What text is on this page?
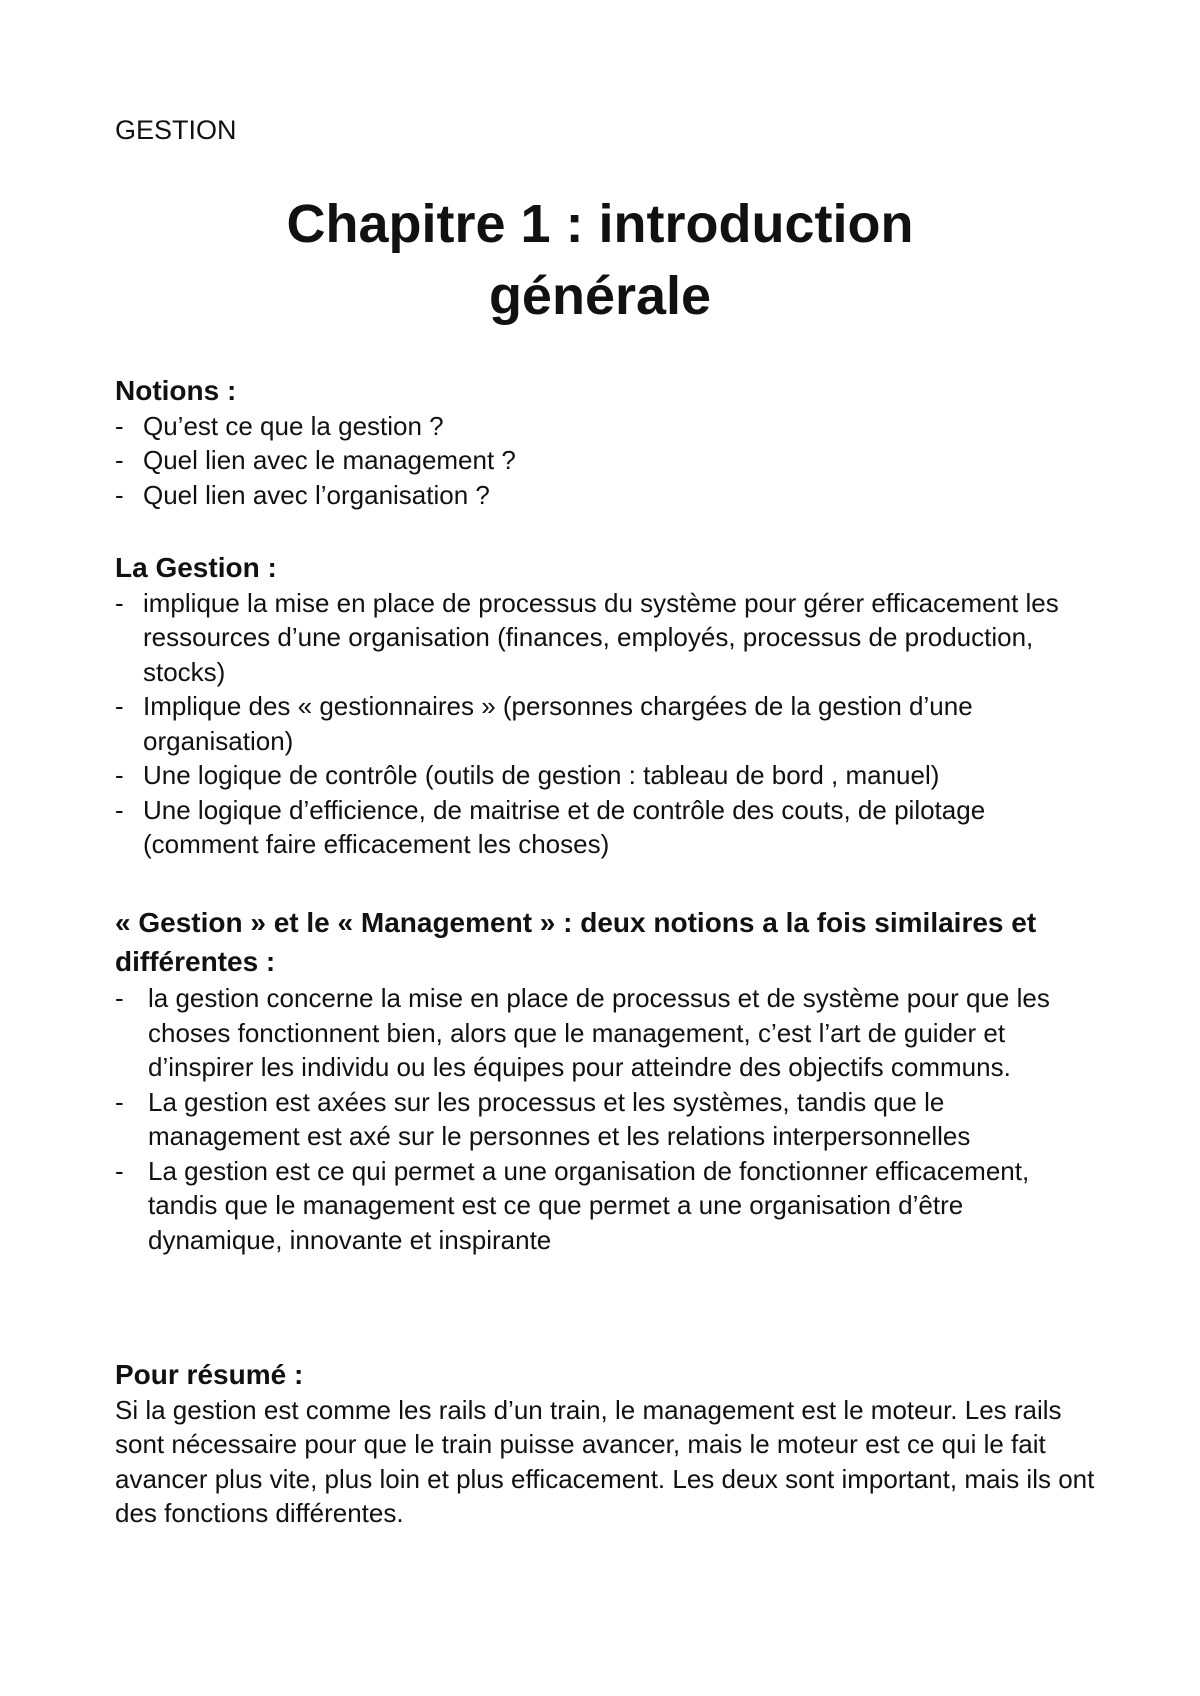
GESTION
Chapitre 1 : introduction
générale
Notions :
- Qu’est ce que la gestion ?
- Quel lien avec le management ?
- Quel lien avec l’organisation ?
La Gestion :
- implique la mise en place de processus du système pour gérer efficacement les ressources d’une organisation (finances, employés, processus de production, stocks)
- Implique des « gestionnaires » (personnes chargées de la gestion d’une organisation)
- Une logique de contrôle (outils de gestion : tableau de bord , manuel)
- Une logique d’efficience, de maitrise et de contrôle des couts, de pilotage (comment faire efficacement les choses)
« Gestion » et le « Management » : deux notions a la fois similaires et différentes :
- la gestion concerne la mise en place de processus et de système pour que les choses fonctionnent bien, alors que le management, c’est l’art de guider et d’inspirer les individu ou les équipes pour atteindre des objectifs communs.
- La gestion est axées sur les processus et les systèmes, tandis que le management est axé sur le personnes et les relations interpersonnelles
- La gestion est ce qui permet a une organisation de fonctionner efficacement, tandis que le management est ce que permet a une organisation d’être dynamique, innovante et inspirante
Pour résumé :

Si la gestion est comme les rails d’un train, le management est le moteur. Les rails sont nécessaire pour que le train puisse avancer, mais le moteur est ce qui le fait avancer plus vite, plus loin et plus efficacement. Les deux sont important, mais ils ont des fonctions différentes.
